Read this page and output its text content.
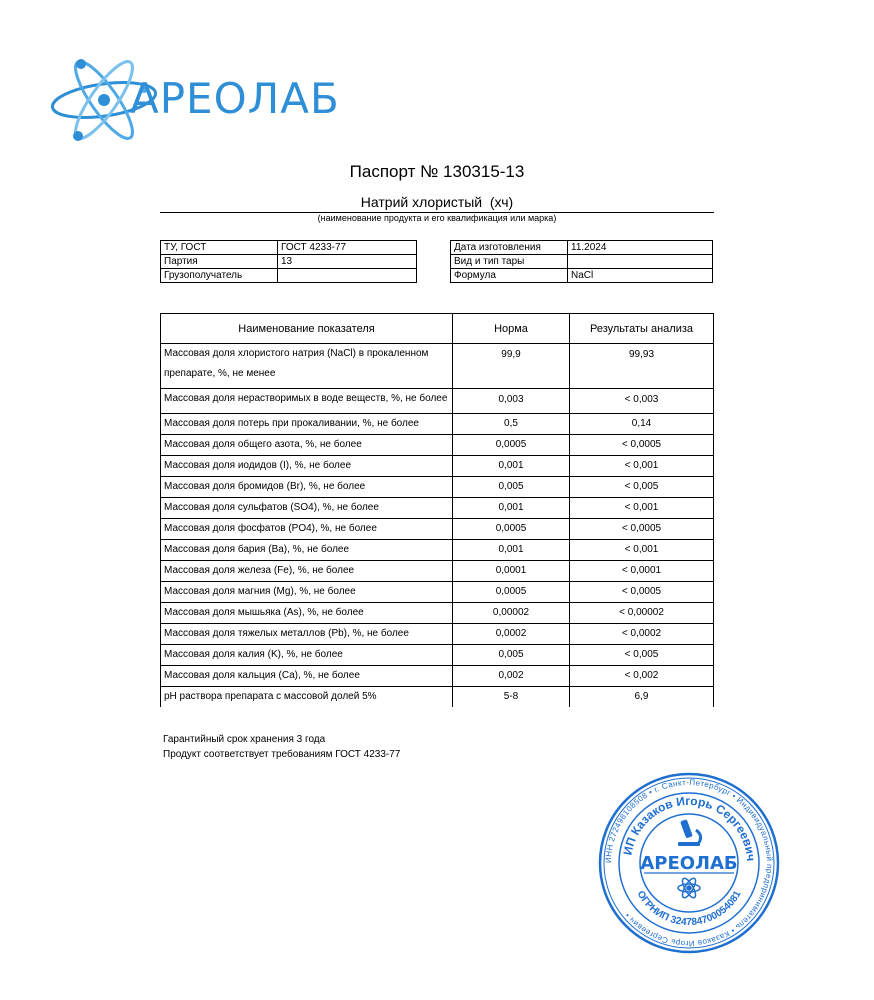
АРЕОЛАБ
Паспорт № 130315-13
Натрий хлористый  (хч)
(наименование продукта и его квалификация или марка)
ТУ, ГОСТ	ГОСТ 4233-77
Партия	13
Грузополучатель	
Дата изготовления	11.2024
Вид и тип тары	
Формула	NaCl
Наименование показателя	Норма	Результаты анализа
Массовая доля хлористого натрия (NaCl) в прокаленном препарате, %, не менее	99,9	99,93
Массовая доля нерастворимых в воде веществ, %, не более	0,003	< 0,003
Массовая доля потерь при прокаливании, %, не более	0,5	0,14
Массовая доля общего азота, %, не более	0,0005	< 0,0005
Массовая доля иодидов (I), %, не более	0,001	< 0,001
Массовая доля бромидов (Br), %, не более	0,005	< 0,005
Массовая доля сульфатов (SO4), %, не более	0,001	< 0,001
Массовая доля фосфатов (PO4), %, не более	0,0005	< 0,0005
Массовая доля бария (Ba), %, не более	0,001	< 0,001
Массовая доля железа (Fe), %, не более	0,0001	< 0,0001
Массовая доля магния (Mg), %, не более	0,0005	< 0,0005
Массовая доля мышьяка (As), %, не более	0,00002	< 0,00002
Массовая доля тяжелых металлов (Pb), %, не более	0,0002	< 0,0002
Массовая доля калия (K), %, не более	0,005	< 0,005
Массовая доля кальция (Ca), %, не более	0,002	< 0,002
pH раствора препарата с массовой долей 5%	5-8	6,9
Гарантийный срок хранения 3 года
Продукт соответствует требованиям ГОСТ 4233-77
ИНН 272498108508 • г. Санкт-Петербург • Индивидуальный предприниматель • Казаков Игорь Сергеевич •
ИП Казаков Игорь Сергеевич
ОГРНИП 324784700054081
АРЕОЛАБ
